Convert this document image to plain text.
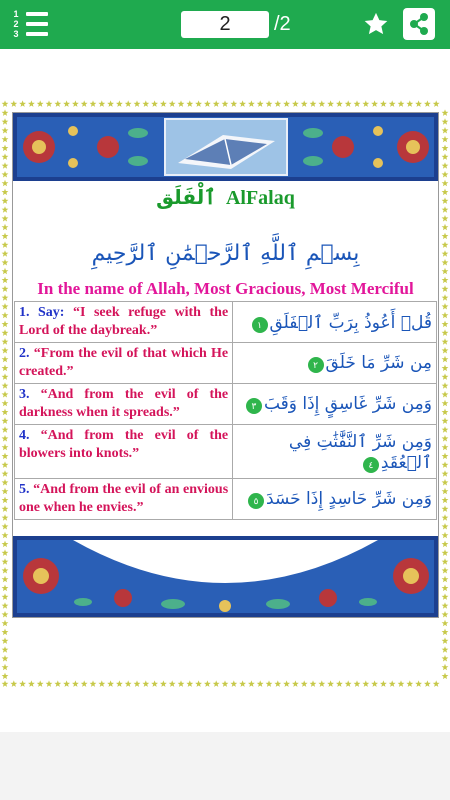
1
2
3
2	/2
ٱلْفَلَق AlFalaq
بِسۡمِ ٱللَّهِ ٱلرَّحۡمَٰنِ ٱلرَّحِيمِ
In the name of Allah, Most Gracious, Most Merciful
1. Say: “I seek refuge with the Lord of the daybreak.”	قُلۡ أَعُوذُ بِرَبِّ ٱلۡفَلَقِ١
2. “From the evil of that which He created.”	مِن شَرِّ مَا خَلَقَ٢
3. “And from the evil of the darkness when it spreads.”	وَمِن شَرِّ غَاسِقٍ إِذَا وَقَبَ٣
4. “And from the evil of the blowers into knots.”	وَمِن شَرِّ ٱلنَّفَّٰثَٰتِ فِي ٱلۡعُقَدِ٤
5. “And from the evil of an envious one when he envies.”	وَمِن شَرِّ حَاسِدٍ إِذَا حَسَدَ٥
